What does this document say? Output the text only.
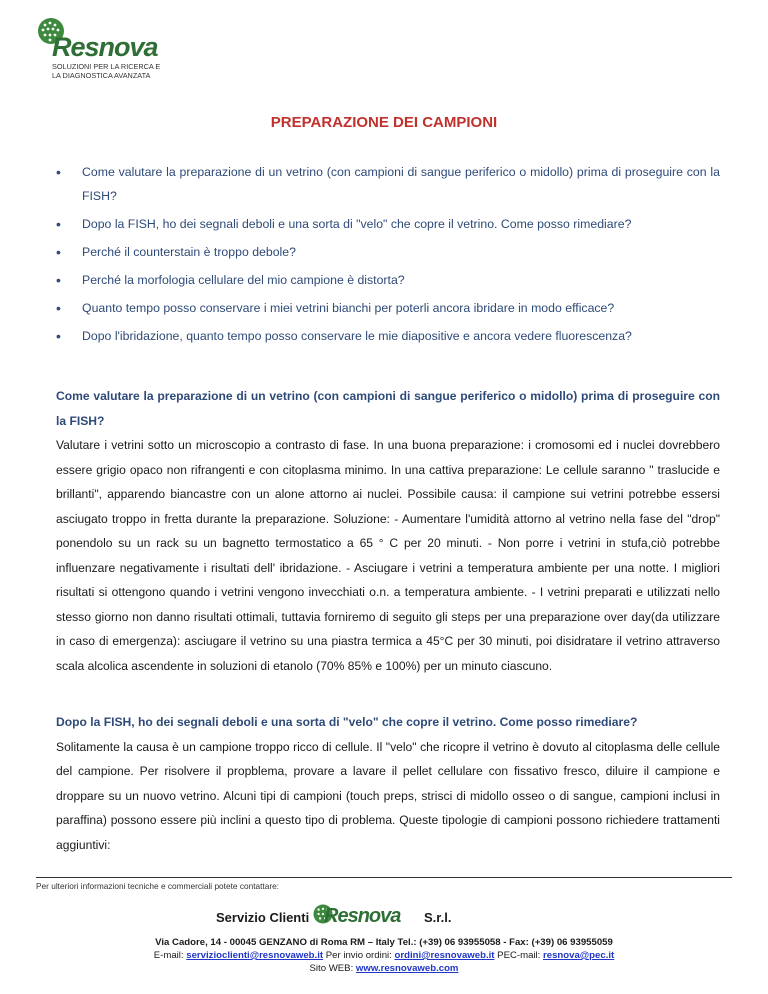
Resnova
SOLUZIONI PER LA RICERCA E
LA DIAGNOSTICA AVANZATA
PREPARAZIONE DEI CAMPIONI
• Come valutare la preparazione di un vetrino (con campioni di sangue periferico o midollo) prima di proseguire con la FISH?
• Dopo la FISH, ho dei segnali deboli e una sorta di "velo" che copre il vetrino. Come posso rimediare?
• Perché il counterstain è troppo debole?
• Perché la morfologia cellulare del mio campione è distorta?
• Quanto tempo posso conservare i miei vetrini bianchi per poterli ancora ibridare in modo efficace?
• Dopo l'ibridazione, quanto tempo posso conservare le mie diapositive e ancora vedere fluorescenza?
Come valutare la preparazione di un vetrino (con campioni di sangue periferico o midollo) prima di proseguire con la FISH?
Valutare i vetrini sotto un microscopio a contrasto di fase. In una buona preparazione: i cromosomi ed i nuclei dovrebbero essere grigio opaco non rifrangenti e con citoplasma minimo. In una cattiva preparazione: Le cellule saranno " traslucide e brillanti", apparendo biancastre con un alone attorno ai nuclei. Possibile causa: il campione sui vetrini potrebbe essersi asciugato troppo in fretta durante la preparazione. Soluzione: - Aumentare l'umidità attorno al vetrino nella fase del "drop" ponendolo su un rack su un bagnetto termostatico a 65 ° C per 20 minuti. - Non porre i vetrini in stufa,ciò potrebbe influenzare negativamente i risultati dell' ibridazione. - Asciugare i vetrini a temperatura ambiente per una notte. I migliori risultati si ottengono quando i vetrini vengono invecchiati o.n. a temperatura ambiente. - I vetrini preparati e utilizzati nello stesso giorno non danno risultati ottimali, tuttavia forniremo di seguito gli steps per una preparazione over day(da utilizzare in caso di emergenza): asciugare il vetrino su una piastra termica a 45°C per 30 minuti, poi disidratare il vetrino attraverso scala alcolica ascendente in soluzioni di etanolo (70% 85% e 100%) per un minuto ciascuno.
Dopo la FISH, ho dei segnali deboli e una sorta di "velo" che copre il vetrino. Come posso rimediare?
Solitamente la causa è un campione troppo ricco di cellule. Il "velo" che ricopre il vetrino è dovuto al citoplasma delle cellule del campione. Per risolvere il propblema, provare a lavare il pellet cellulare con fissativo fresco, diluire il campione e droppare su un nuovo vetrino. Alcuni tipi di campioni (touch preps, strisci di midollo osseo o di sangue, campioni inclusi in paraffina) possono essere più inclini a questo tipo di problema. Queste tipologie di campioni possono richiedere trattamenti aggiuntivi:
Per ulteriori informazioni tecniche e commerciali potete contattare:
Servizio Clienti Resnova S.r.l.
Via Cadore, 14 - 00045 GENZANO di Roma RM – Italy Tel.: (+39) 06 93955058 - Fax: (+39) 06 93955059
E-mail: servizioclienti@resnovaweb.it Per invio ordini: ordini@resnovaweb.it PEC-mail: resnova@pec.it
Sito WEB: www.resnovaweb.com
